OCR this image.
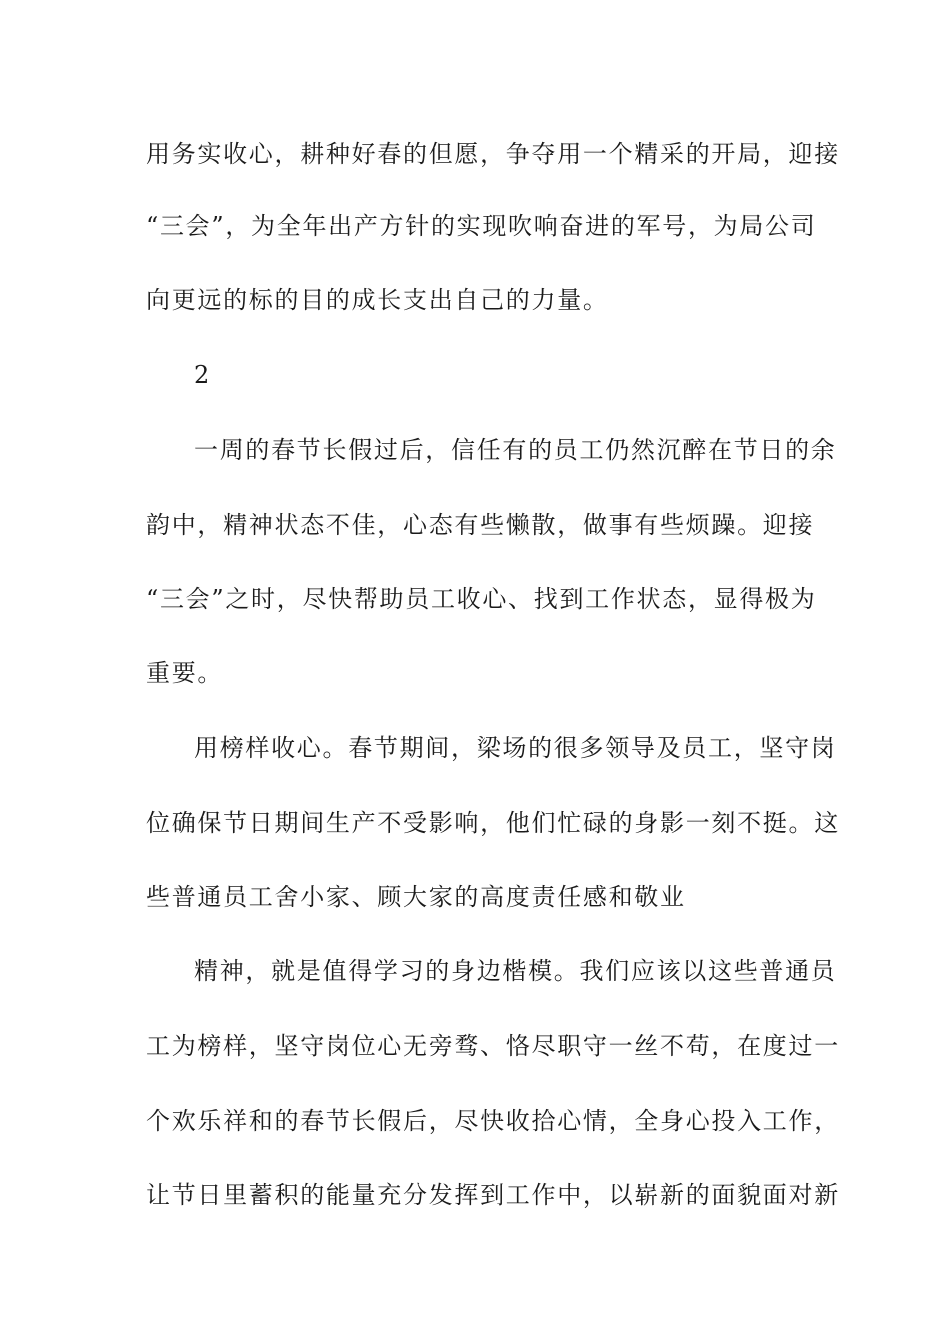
用务实收心，耕种好春的但愿，争夺用一个精采的开局，迎接
“三会”，为全年出产方针的实现吹响奋进的军号，为局公司
向更远的标的目的成长支出自己的力量。
2
一周的春节长假过后，信任有的员工仍然沉醉在节日的余
韵中，精神状态不佳，心态有些懒散，做事有些烦躁。迎接
“三会”之时，尽快帮助员工收心、找到工作状态，显得极为
重要。
用榜样收心。春节期间，梁场的很多领导及员工，坚守岗
位确保节日期间生产不受影响，他们忙碌的身影一刻不挺。这
些普通员工舍小家、顾大家的高度责任感和敬业
精神，就是值得学习的身边楷模。我们应该以这些普通员
工为榜样，坚守岗位心无旁骛、恪尽职守一丝不苟，在度过一
个欢乐祥和的春节长假后，尽快收拾心情，全身心投入工作，
让节日里蓄积的能量充分发挥到工作中，以崭新的面貌面对新
